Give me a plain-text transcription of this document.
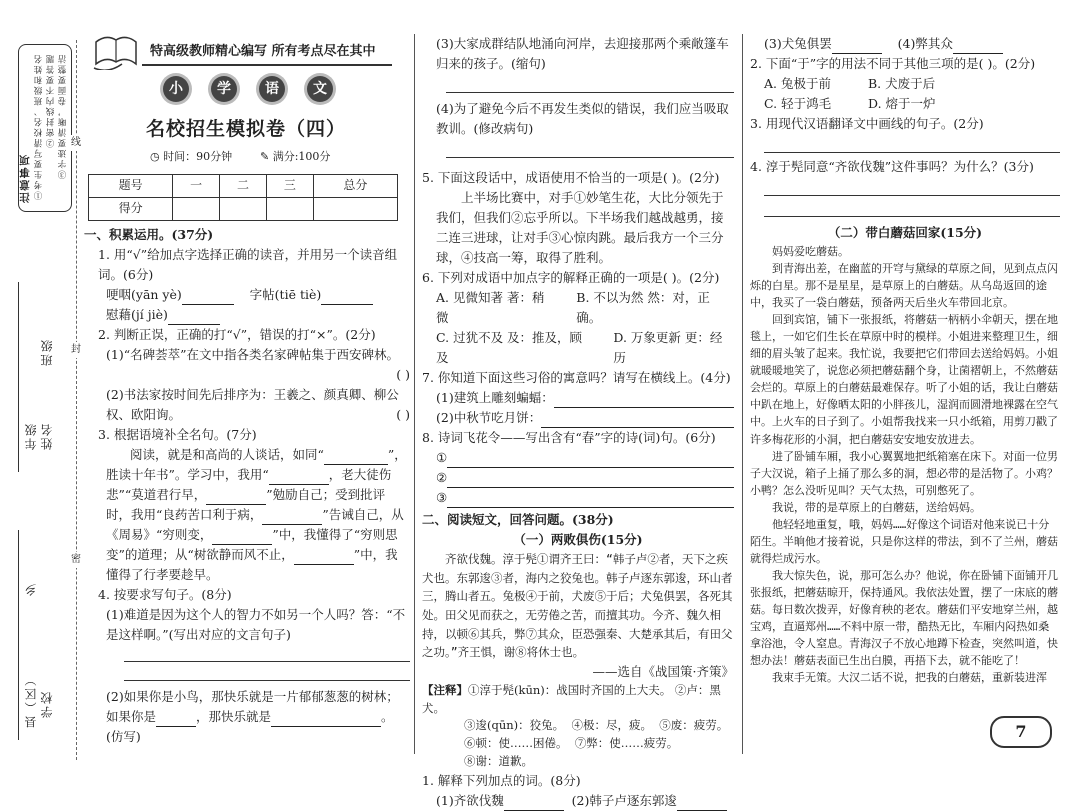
注意事项 ①考生要写清校名、班级和姓名 ②密封线内不要答题 ③字迹要清晰，卷面要整洁
年级 姓名
班级
县（区）
乡
学校
线
封
密
特高级教师精心编写 所有考点尽在其中
小 学 语 文
名校招生模拟卷（四）
◷ 时间：90分钟	✎ 满分:100分
题号	一	二	三	总分
得分				
一、积累运用。(37分)
1. 用“√”给加点字选择正确的读音，并用另一个读音组词。(6分)
哽咽(yān yè)	字帖(tiē tiè)
慰藉(jí jiè)
2. 判断正误，正确的打“√”，错误的打“×”。(2分)
(1)“名碑荟萃”在文中指各类名家碑帖集于西安碑林。
( )
(2)书法家按时间先后排序为：王羲之、颜真卿、柳公权、欧阳询。	( )
3. 根据语境补全名句。(7分)
阅读，就是和高尚的人谈话，如同“	”，胜读十年书”。学习中，我用“	，老大徒伤悲”“莫道君行早，	”勉励自己；受到批评时，我用“良药苦口利于病，	”告诫自己，从《周易》“穷则变，	”中，我懂得了“穷则思变”的道理；从“树欲静而风不止，	”中，我懂得了行孝要趁早。
4. 按要求写句子。(8分)
(1)难道是因为这个人的智力不如另一个人吗？答：“不是这样啊。”(写出对应的文言句子)
(2)如果你是小鸟，那快乐就是一片郁郁葱葱的树林；如果你是	，那快乐就是	。(仿写)
(3)大家成群结队地涌向河岸，去迎接那两个乘敞篷车归来的孩子。(缩句)
(4)为了避免今后不再发生类似的错误，我们应当吸取教训。(修改病句)
5. 下面这段话中，成语使用不恰当的一项是( )。(2分)
上半场比赛中，对手①妙笔生花，大比分领先于我们，但我们②忘乎所以。下半场我们越战越勇，接二连三进球，让对手③心惊肉跳。最后我方一个三分球，④技高一筹，取得了胜利。
6. 下列对成语中加点字的解释正确的一项是( )。(2分)
A. 见微知著 著：稍微
B. 不以为然 然：对，正确。
C. 过犹不及 及：推及，顾及
D. 万象更新 更：经历
7. 你知道下面这些习俗的寓意吗？请写在横线上。(4分)
(1)建筑上雕刻蝙蝠：
(2)中秋节吃月饼：
8. 诗词飞花令——写出含有“春”字的诗(词)句。(6分)
①
②
③
二、阅读短文，回答问题。(38分)
（一）两败俱伤(15分)
齐欲伐魏。淳于髡①谓齐王曰：“韩子卢②者，天下之疾犬也。东郭逡③者，海内之狡兔也。韩子卢逐东郭逡，环山者三，腾山者五。兔极④于前，犬废⑤于后；犬兔俱罢，各死其处。田父见而获之，无劳倦之苦，而擅其功。今齐、魏久相持，以顿⑥其兵，弊⑦其众，臣恐强秦、大楚承其后，有田父之功。”齐王惧，谢⑧将休士也。
——选自《战国策·齐策》
【注释】①淳于髡(kūn)：战国时齐国的上大夫。 ②卢：黑犬。
③逡(qūn)：狡兔。 ④极：尽，疲。 ⑤废：疲劳。
⑥顿：使……困倦。 ⑦弊：使……疲劳。
⑧谢：道歉。
1. 解释下列加点的词。(8分)
(1)齐欲伐魏	(2)韩子卢逐东郭逡
(3)犬兔俱罢	(4)弊其众
2. 下面“于”字的用法不同于其他三项的是( )。(2分)
A. 兔极于前	B. 犬废于后
C. 轻于鸿毛	D. 熔于一炉
3. 用现代汉语翻译文中画线的句子。(2分)
4. 淳于髡同意“齐欲伐魏”这件事吗？为什么？(3分)
（二）带白蘑菇回家(15分)
妈妈爱吃蘑菇。
到青海出差，在幽蓝的开穹与黛绿的草原之间，见到点点闪烁的白星。那不是星星，是草原上的白蘑菇。从乌岛返回的途中，我买了一袋白蘑菇，预备两天后坐火车带回北京。
回到宾馆，铺下一张报纸，将蘑菇一柄柄小伞朝天，摆在地毯上，一如它们生长在草原中时的模样。小姐进来整理卫生，细细的眉头皱了起来。我忙说，我要把它们带回去送给妈妈。小姐就暖暖地笑了，说您必须把蘑菇翻个身，让菌褶朝上，不然蘑菇会烂的。草原上的白蘑菇最难保存。听了小姐的话，我让白蘑菇中趴在地上，好像晒太阳的小胖孩儿，湿润而圆滑地裸露在空气中。上火车的日子到了。小姐帮我找来一只小纸箱，用剪刀戳了许多梅花形的小洞，把白蘑菇安安地安放进去。
进了卧铺车厢，我小心翼翼地把纸箱塞在床下。对面一位男子大汉说，箱子上捅了那么多的洞，想必带的是活物了。小鸡？小鸭？怎么没听见叫？天气太热，可别憋死了。
我说，带的是草原上的白蘑菇，送给妈妈。
他轻轻地重复，哦，妈妈……好像这个词语对他来说已十分陌生。半晌他才接着说，只是你这样的带法，到不了兰州，蘑菇就得烂成污水。
我大惊失色，说，那可怎么办？他说，你在卧铺下面铺开几张报纸，把蘑菇晾开，保持通风。我依法处置，摆了一床底的蘑菇。每日数次拨弄，好像育秧的老农。蘑菇们平安地穿兰州，越宝鸡，直逼郑州……不料中原一带，酷热无比，车厢内闷热如桑拿浴池，令人窒息。青海汉子不放心地蹲下检查，突然叫道，快想办法！蘑菇表面已生出白膜，再捂下去，就不能吃了！
我束手无策。大汉二话不说，把我的白蘑菇，重新装进浑
7
